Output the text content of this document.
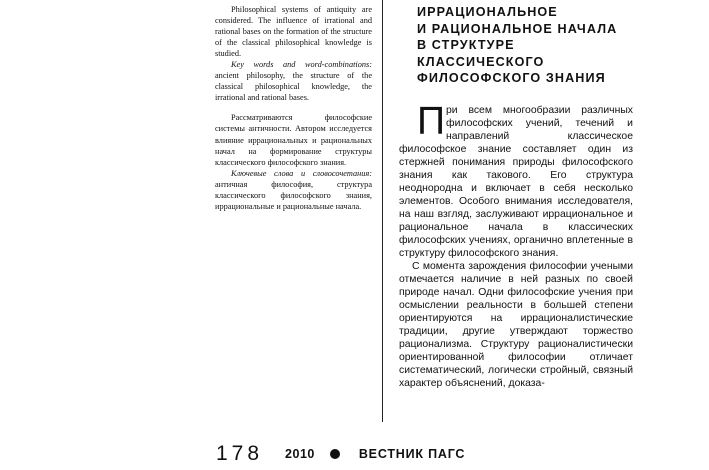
Philosophical systems of antiquity are considered. The influence of irrational and rational bases on the formation of the structure of the classical philosophical knowledge is studied.

Key words and word-combinations: ancient philosophy, the structure of the classical philosophical knowledge, the irrational and rational bases.

Рассматриваются философские системы античности. Автором исследуется влияние иррациональных и рациональных начал на формирование структуры классического философского знания.

Ключевые слова и словосочетания: античная философия, структура классического философского знания, иррациональные и рациональные начала.

ИРРАЦИОНАЛЬНОЕ
И РАЦИОНАЛЬНОЕ НАЧАЛА
В СТРУКТУРЕ
КЛАССИЧЕСКОГО
ФИЛОСОФСКОГО ЗНАНИЯ

При всем многообразии различных философских учений, течений и направлений классическое философское знание составляет один из стержней понимания природы философского знания как такового. Его структура неоднородна и включает в себя несколько элементов. Особого внимания исследователя, на наш взгляд, заслуживают иррациональное и рациональное начала в классических философских учениях, органично вплетенные в структуру философского знания.

С момента зарождения философии учеными отмечается наличие в ней разных по своей природе начал. Одни философские учения при осмыслении реальности в большей степени ориентируются на иррационалистические традиции, другие утверждают торжество рационализма. Структуру рационалистически ориентированной философии отличает систематический, логически стройный, связный характер объяснений, доказа-

178 2010	ВЕСТНИК ПАГС
